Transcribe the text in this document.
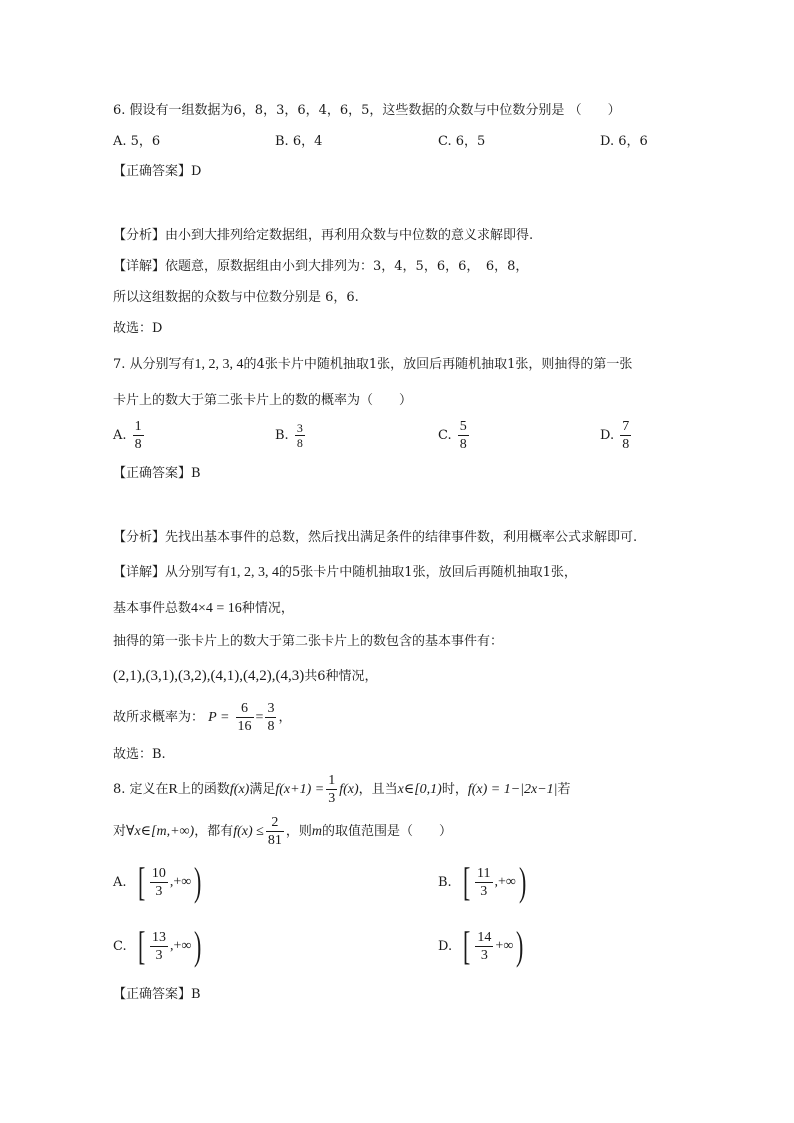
6. 假设有一组数据为6，8，3，6，4，6，5，这些数据的众数与中位数分别是 （　　）
A. 5，6	B. 6，4	C. 6，5	D. 6，6
【正确答案】D
【分析】由小到大排列给定数据组，再利用众数与中位数的意义求解即得.
【详解】依题意，原数据组由小到大排列为：3，4，5，6，6，　6，8，
所以这组数据的众数与中位数分别是 6，6.
故选：D
7. 从分别写有1, 2, 3, 4的4张卡片中随机抽取1张，放回后再随机抽取1张，则抽得的第一张
卡片上的数大于第二张卡片上的数的概率为（　　）
A. $\frac{1}{8}$	B. $\frac{3}{8}$	C. $\frac{5}{8}$	D. $\frac{7}{8}$
【正确答案】B
【分析】先找出基本事件的总数，然后找出满足条件的结律事件数，利用概率公式求解即可.
【详解】从分别写有1, 2, 3, 4的5张卡片中随机抽取1张，放回后再随机抽取1张，
基本事件总数4×4 = 16种情况，
抽得的第一张卡片上的数大于第二张卡片上的数包含的基本事件有：
(2,1),(3,1),(3,2),(4,1),(4,2),(4,3)共6种情况，
故所求概率为： $P = \frac{6}{16} = \frac{3}{8}$ ，
故选：B.
8. 定义在R上的函数f(x)满足$f(x+1) = \frac{1}{3} f(x)$，且当x∈[0,1)时，f(x) = 1−|2x−1|若
对∀x∈[m,+∞)，都有$f(x) \le \frac{2}{81}$ ，则m的取值范围是（　　）
A. [ $\frac{10}{3}$ ,+∞)	B. [ $\frac{11}{3}$ ,+∞)
C. [ $\frac{13}{3}$ ,+∞)	D. [ $\frac{14}{3}$ +∞)
【正确答案】B
